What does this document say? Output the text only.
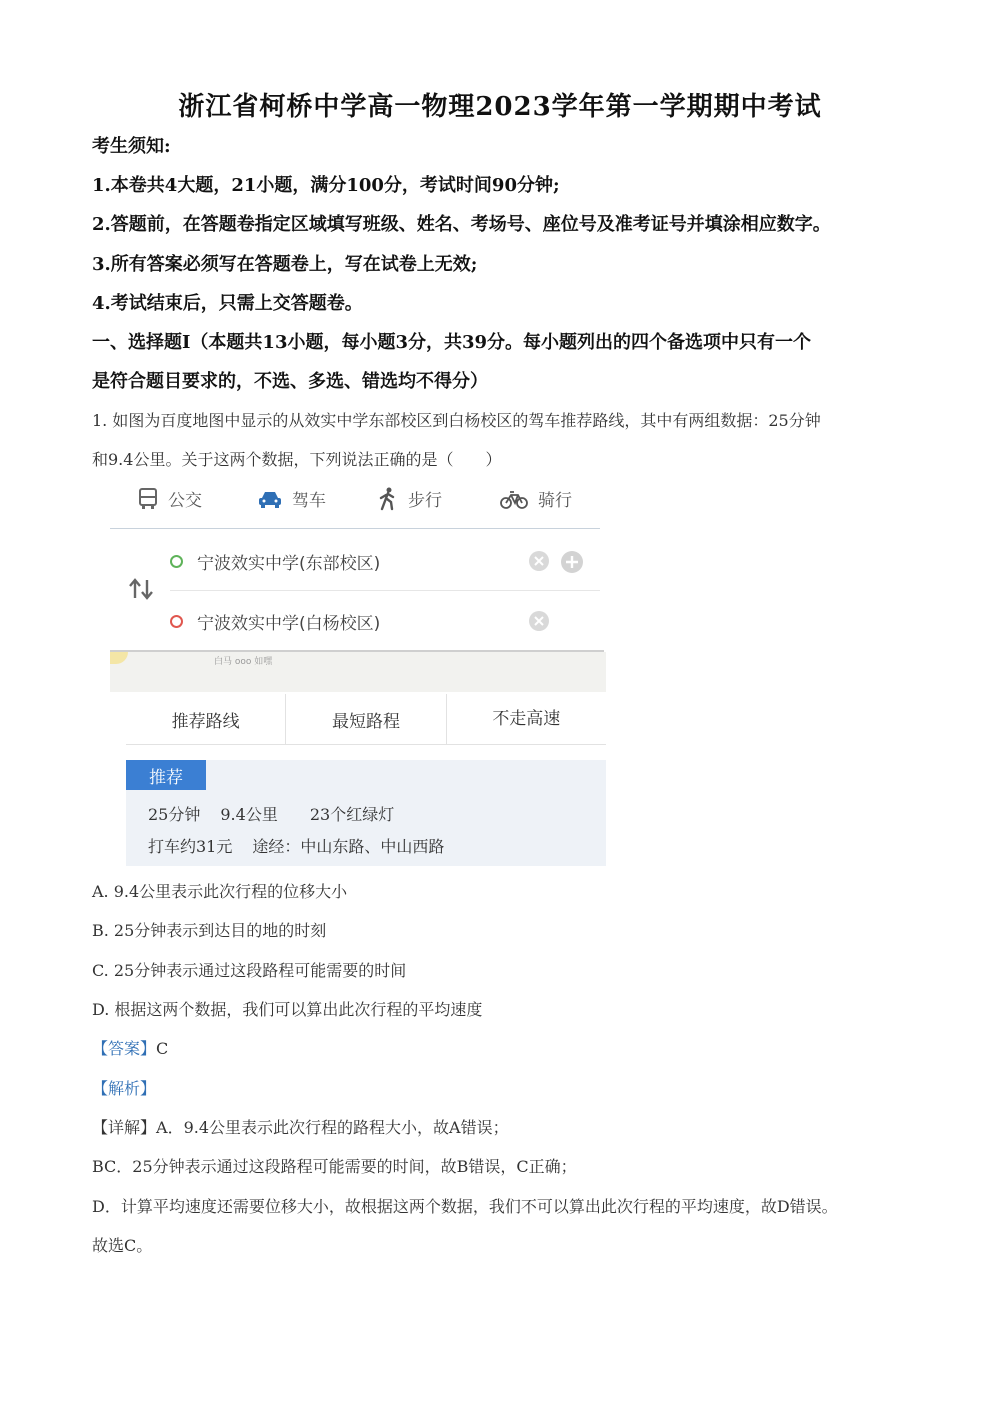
浙江省柯桥中学高一物理2023学年第一学期期中考试
考生须知:
1.本卷共4大题，21小题，满分100分，考试时间90分钟;
2.答题前，在答题卷指定区域填写班级、姓名、考场号、座位号及准考证号并填涂相应数字。
3.所有答案必须写在答题卷上，写在试卷上无效;
4.考试结束后，只需上交答题卷。
一、选择题I（本题共13小题，每小题3分，共39分。每小题列出的四个备选项中只有一个
是符合题目要求的，不选、多选、错选均不得分）
1. 如图为百度地图中显示的从效实中学东部校区到白杨校区的驾车推荐路线，其中有两组数据：25分钟
和9.4公里。关于这两个数据，下列说法正确的是（　　）
公交	驾车	步行	骑行
宁波效实中学(东部校区)
宁波效实中学(白杨校区)
白马 ooo 如嘿
推荐路线	最短路程	不走高速
推荐
25分钟 9.4公里 23个红绿灯
打车约31元 途经：中山东路、中山西路
A. 9.4公里表示此次行程的位移大小
B. 25分钟表示到达目的地的时刻
C. 25分钟表示通过这段路程可能需要的时间
D. 根据这两个数据，我们可以算出此次行程的平均速度
【答案】C
【解析】
【详解】A．9.4公里表示此次行程的路程大小，故A错误；
BC．25分钟表示通过这段路程可能需要的时间，故B错误，C正确；
D．计算平均速度还需要位移大小，故根据这两个数据，我们不可以算出此次行程的平均速度，故D错误。
故选C。
